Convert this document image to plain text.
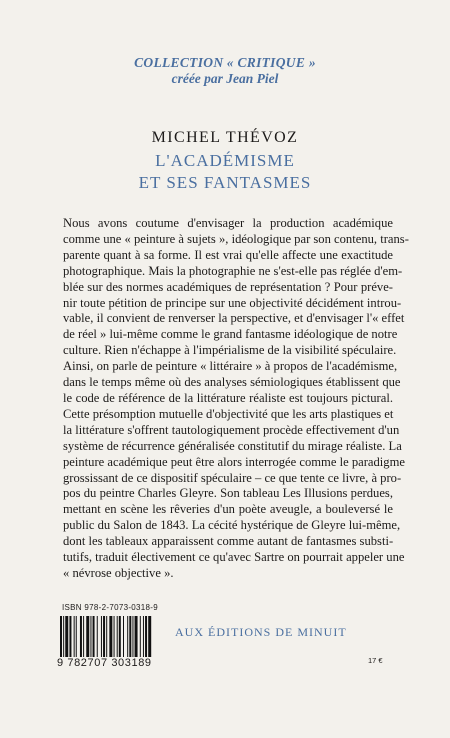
COLLECTION « CRITIQUE »
créée par Jean Piel
MICHEL THÉVOZ
L'ACADÉMISME
ET SES FANTASMES
Nous avons coutume d'envisager la production académique
comme une « peinture à sujets », idéologique par son contenu, trans-
parente quant à sa forme. Il est vrai qu'elle affecte une exactitude
photographique. Mais la photographie ne s'est-elle pas réglée d'em-
blée sur des normes académiques de représentation ? Pour préve-
nir toute pétition de principe sur une objectivité décidément introu-
vable, il convient de renverser la perspective, et d'envisager l'« effet
de réel » lui-même comme le grand fantasme idéologique de notre
culture. Rien n'échappe à l'impérialisme de la visibilité spéculaire.
Ainsi, on parle de peinture « littéraire » à propos de l'académisme,
dans le temps même où des analyses sémiologiques établissent que
le code de référence de la littérature réaliste est toujours pictural.
Cette présomption mutuelle d'objectivité que les arts plastiques et
la littérature s'offrent tautologiquement procède effectivement d'un
système de récurrence généralisée constitutif du mirage réaliste. La
peinture académique peut être alors interrogée comme le paradigme
grossissant de ce dispositif spéculaire – ce que tente ce livre, à pro-
pos du peintre Charles Gleyre. Son tableau Les Illusions perdues,
mettant en scène les rêveries d'un poète aveugle, a bouleversé le
public du Salon de 1843. La cécité hystérique de Gleyre lui-même,
dont les tableaux apparaissent comme autant de fantasmes substi-
tutifs, traduit électivement ce qu'avec Sartre on pourrait appeler une
« névrose objective ».
ISBN 978-2-7073-0318-9
9 782707 303189
AUX ÉDITIONS DE MINUIT
17 €
